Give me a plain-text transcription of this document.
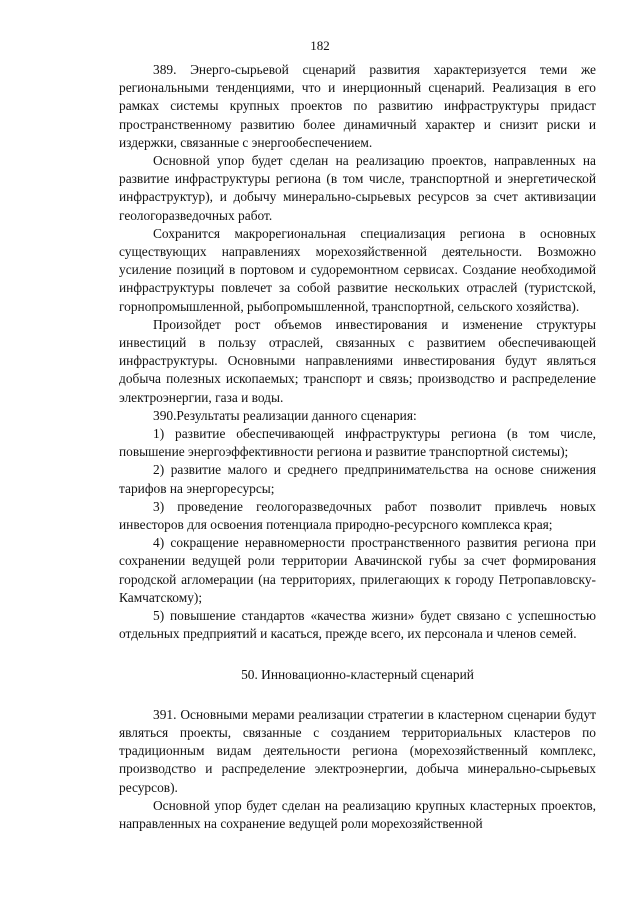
182

389. Энерго-сырьевой сценарий развития характеризуется теми же региональными тенденциями, что и инерционный сценарий. Реализация в его рамках системы крупных проектов по развитию инфраструктуры придаст пространственному развитию более динамичный характер и снизит риски и издержки, связанные с энергообеспечением.

Основной упор будет сделан на реализацию проектов, направленных на развитие инфраструктуры региона (в том числе, транспортной и энергетической инфраструктур), и добычу минерально-сырьевых ресурсов за счет активизации геологоразведочных работ.

Сохранится макрорегиональная специализация региона в основных существующих направлениях морехозяйственной деятельности. Возможно усиление позиций в портовом и судоремонтном сервисах. Создание необходимой инфраструктуры повлечет за собой развитие нескольких отраслей (туристской, горнопромышленной, рыбопромышленной, транспортной, сельского хозяйства).

Произойдет рост объемов инвестирования и изменение структуры инвестиций в пользу отраслей, связанных с развитием обеспечивающей инфраструктуры. Основными направлениями инвестирования будут являться добыча полезных ископаемых; транспорт и связь; производство и распределение электроэнергии, газа и воды.

390.Результаты реализации данного сценария:

1) развитие обеспечивающей инфраструктуры региона (в том числе, повышение энергоэффективности региона и развитие транспортной системы);

2) развитие малого и среднего предпринимательства на основе снижения тарифов на энергоресурсы;

3) проведение геологоразведочных работ позволит привлечь новых инвесторов для освоения потенциала природно-ресурсного комплекса края;

4) сокращение неравномерности пространственного развития региона при сохранении ведущей роли территории Авачинской губы за счет формирования городской агломерации (на территориях, прилегающих к городу Петропавловску-Камчатскому);

5) повышение стандартов «качества жизни» будет связано с успешностью отдельных предприятий и касаться, прежде всего, их персонала и членов семей.

50. Инновационно-кластерный сценарий

391. Основными мерами реализации стратегии в кластерном сценарии будут являться проекты, связанные с созданием территориальных кластеров по традиционным видам деятельности региона (морехозяйственный комплекс, производство и распределение электроэнергии, добыча минерально-сырьевых ресурсов).

Основной упор будет сделан на реализацию крупных кластерных проектов, направленных на сохранение ведущей роли морехозяйственной
